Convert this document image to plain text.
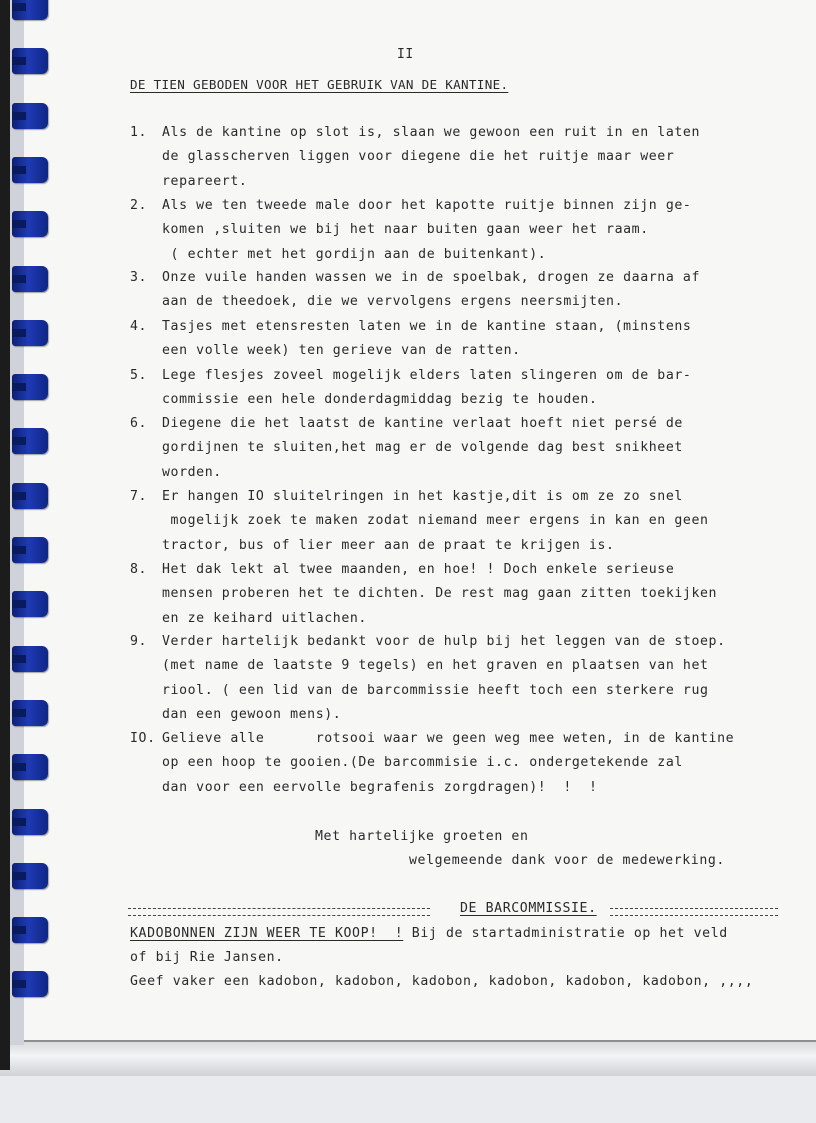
II
DE TIEN GEBODEN VOOR HET GEBRUIK VAN DE KANTINE.
1. Als de kantine op slot is, slaan we gewoon een ruit in en laten
de glasscherven liggen voor diegene die het ruitje maar weer
repareert.
2. Als we ten tweede male door het kapotte ruitje binnen zijn ge-
komen ,sluiten we bij het naar buiten gaan weer het raam.
( echter met het gordijn aan de buitenkant).
3. Onze vuile handen wassen we in de spoelbak, drogen ze daarna af
aan de theedoek, die we vervolgens ergens neersmijten.
4. Tasjes met etensresten laten we in de kantine staan, (minstens
een volle week) ten gerieve van de ratten.
5. Lege flesjes zoveel mogelijk elders laten slingeren om de bar-
commissie een hele donderdagmiddag bezig te houden.
6. Diegene die het laatst de kantine verlaat hoeft niet persé de
gordijnen te sluiten,het mag er de volgende dag best snikheet
worden.
7. Er hangen IO sluitelringen in het kastje,dit is om ze zo snel
mogelijk zoek te maken zodat niemand meer ergens in kan en geen
tractor, bus of lier meer aan de praat te krijgen is.
8. Het dak lekt al twee maanden, en hoe! ! Doch enkele serieuse
mensen proberen het te dichten. De rest mag gaan zitten toekijken
en ze keihard uitlachen.
9. Verder hartelijk bedankt voor de hulp bij het leggen van de stoep.
(met name de laatste 9 tegels) en het graven en plaatsen van het
riool. ( een lid van de barcommissie heeft toch een sterkere rug
dan een gewoon mens).
IO. Gelieve alle      rotsooi waar we geen weg mee weten, in de kantine
op een hoop te gooien.(De barcommisie i.c. ondergetekende zal
dan voor een eervolle begrafenis zorgdragen)!  !  !
Met hartelijke groeten en
welgemeende dank voor de medewerking.
DE BARCOMMISSIE.
KADOBONNEN ZIJN WEER TE KOOP!  ! Bij de startadministratie op het veld
of bij Rie Jansen.
Geef vaker een kadobon, kadobon, kadobon, kadobon, kadobon, kadobon, ,,,,
